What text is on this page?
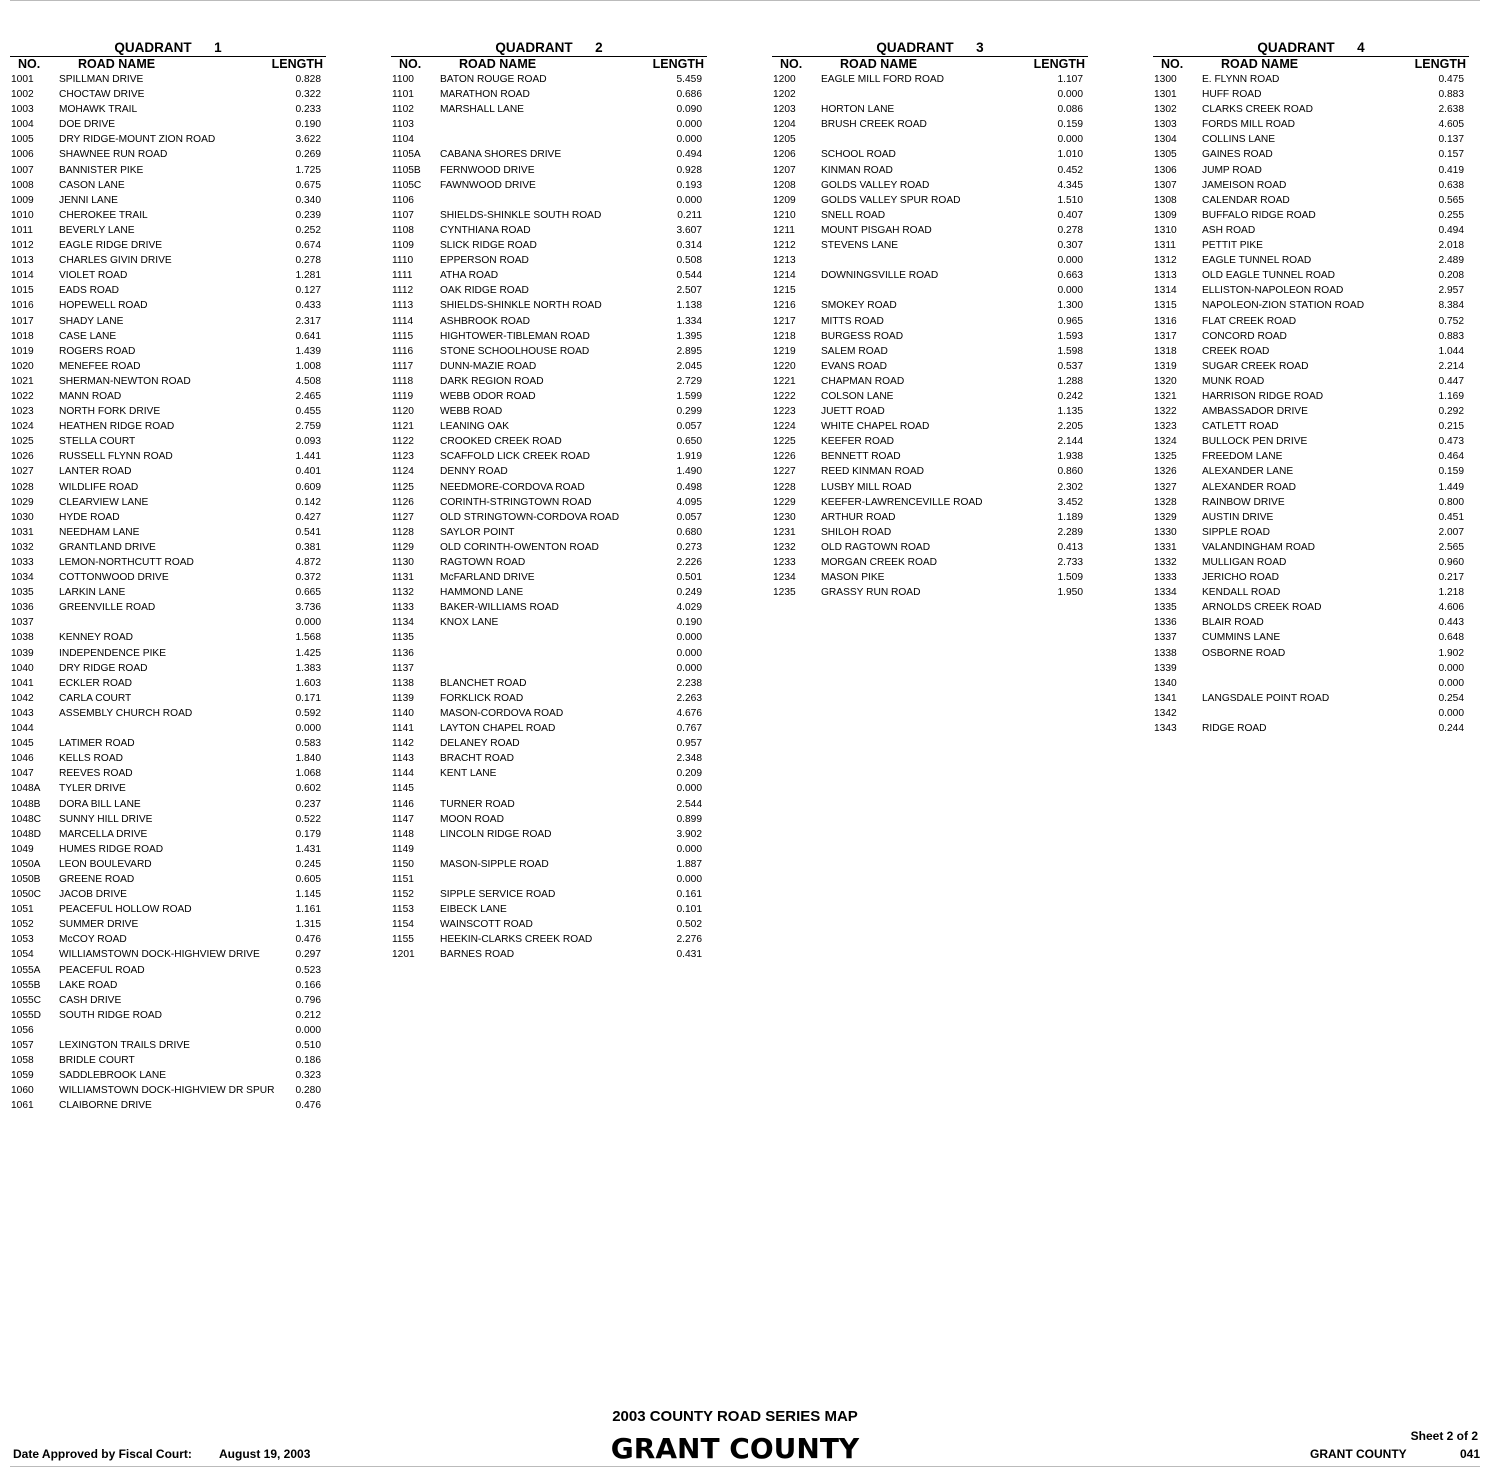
QUADRANT      1
NO.	ROAD NAME	LENGTH
1001 SPILLMAN DRIVE	0.828
1002 CHOCTAW DRIVE	0.322
1003 MOHAWK TRAIL	0.233
1004 DOE DRIVE	0.190
1005 DRY RIDGE-MOUNT ZION ROAD	3.622
1006 SHAWNEE RUN ROAD	0.269
1007 BANNISTER PIKE	1.725
1008 CASON LANE	0.675
1009 JENNI LANE	0.340
1010 CHEROKEE TRAIL	0.239
1011	BEVERLY LANE	0.252
1012 EAGLE RIDGE DRIVE	0.674
1013 CHARLES GIVIN DRIVE	0.278
1014 VIOLET ROAD	1.281
1015 EADS ROAD	0.127
1016 HOPEWELL ROAD	0.433
1017 SHADY LANE	2.317
1018 CASE LANE	0.641
1019 ROGERS ROAD	1.439
1020 MENEFEE ROAD	1.008
1021 SHERMAN-NEWTON ROAD	4.508
1022 MANN ROAD	2.465
1023 NORTH FORK DRIVE	0.455
1024 HEATHEN RIDGE ROAD	2.759
1025 STELLA COURT	0.093
1026 RUSSELL FLYNN ROAD	1.441
1027 LANTER ROAD	0.401
1028 WILDLIFE ROAD	0.609
1029 CLEARVIEW LANE	0.142
1030 HYDE ROAD	0.427
1031 NEEDHAM LANE	0.541
1032 GRANTLAND DRIVE	0.381
1033 LEMON-NORTHCUTT ROAD	4.872
1034 COTTONWOOD DRIVE	0.372
1035 LARKIN LANE	0.665
1036 GREENVILLE ROAD	3.736
1037	0.000
1038 KENNEY ROAD	1.568
1039 INDEPENDENCE PIKE	1.425
1040 DRY RIDGE ROAD	1.383
1041 ECKLER ROAD	1.603
1042 CARLA COURT	0.171
1043 ASSEMBLY CHURCH ROAD	0.592
1044	0.000
1045 LATIMER ROAD	0.583
1046 KELLS ROAD	1.840
1047 REEVES ROAD	1.068
1048A TYLER DRIVE	0.602
1048B DORA BILL LANE	0.237
1048C SUNNY HILL DRIVE	0.522
1048D MARCELLA DRIVE	0.179
1049 HUMES RIDGE ROAD	1.431
1050A LEON BOULEVARD	0.245
1050B GREENE ROAD	0.605
1050C JACOB DRIVE	1.145
1051 PEACEFUL HOLLOW ROAD	1.161
1052 SUMMER DRIVE	1.315
1053 McCOY ROAD	0.476
1054 WILLIAMSTOWN DOCK-HIGHVIEW DRIVE	0.297
1055A PEACEFUL ROAD	0.523
1055B LAKE ROAD	0.166
1055C CASH DRIVE	0.796
1055D SOUTH RIDGE ROAD	0.212
1056	0.000
1057 LEXINGTON TRAILS DRIVE	0.510
1058 BRIDLE COURT	0.186
1059 SADDLEBROOK LANE	0.323
1060 WILLIAMSTOWN DOCK-HIGHVIEW DR SPUR 0.280
1061 CLAIBORNE DRIVE	0.476
QUADRANT      2
NO.	ROAD NAME	LENGTH
1100	BATON ROUGE ROAD	5.459
1101	MARATHON ROAD	0.686
1102	MARSHALL LANE	0.090
1103	0.000
1104	0.000
1105A CABANA SHORES DRIVE	0.494
1105B FERNWOOD DRIVE	0.928
1105C FAWNWOOD DRIVE	0.193
1106	0.000
1107	SHIELDS-SHINKLE SOUTH ROAD	0.211
1108	CYNTHIANA ROAD	3.607
1109	SLICK RIDGE ROAD	0.314
1110	EPPERSON ROAD	0.508
1111	ATHA ROAD	0.544
1112	OAK RIDGE ROAD	2.507
1113	SHIELDS-SHINKLE NORTH ROAD	1.138
1114	ASHBROOK ROAD	1.334
1115	HIGHTOWER-TIBLEMAN ROAD	1.395
1116	STONE SCHOOLHOUSE ROAD	2.895
1117	DUNN-MAZIE ROAD	2.045
1118	DARK REGION ROAD	2.729
1119	WEBB ODOR ROAD	1.599
1120	WEBB ROAD	0.299
1121	LEANING OAK	0.057
1122	CROOKED CREEK ROAD	0.650
1123	SCAFFOLD LICK CREEK ROAD	1.919
1124	DENNY ROAD	1.490
1125	NEEDMORE-CORDOVA ROAD	0.498
1126	CORINTH-STRINGTOWN ROAD	4.095
1127	OLD STRINGTOWN-CORDOVA ROAD	0.057
1128	SAYLOR POINT	0.680
1129	OLD CORINTH-OWENTON ROAD	0.273
1130	RAGTOWN ROAD	2.226
1131	McFARLAND DRIVE	0.501
1132	HAMMOND LANE	0.249
1133	BAKER-WILLIAMS ROAD	4.029
1134	KNOX LANE	0.190
1135	0.000
1136	0.000
1137	0.000
1138	BLANCHET ROAD	2.238
1139	FORKLICK ROAD	2.263
1140	MASON-CORDOVA ROAD	4.676
1141	LAYTON CHAPEL ROAD	0.767
1142	DELANEY ROAD	0.957
1143	BRACHT ROAD	2.348
1144	KENT LANE	0.209
1145	0.000
1146	TURNER ROAD	2.544
1147	MOON ROAD	0.899
1148	LINCOLN RIDGE ROAD	3.902
1149	0.000
1150	MASON-SIPPLE ROAD	1.887
1151	0.000
1152	SIPPLE SERVICE ROAD	0.161
1153	EIBECK LANE	0.101
1154	WAINSCOTT ROAD	0.502
1155	HEEKIN-CLARKS CREEK ROAD	2.276
1201 BARNES ROAD	0.431
QUADRANT      3
NO.	ROAD NAME	LENGTH
1200 EAGLE MILL FORD ROAD	1.107
1202	0.000
1203 HORTON LANE	0.086
1204 BRUSH CREEK ROAD	0.159
1205	0.000
1206 SCHOOL ROAD	1.010
1207 KINMAN ROAD	0.452
1208 GOLDS VALLEY ROAD	4.345
1209 GOLDS VALLEY SPUR ROAD	1.510
1210 SNELL ROAD	0.407
1211	MOUNT PISGAH ROAD	0.278
1212 STEVENS LANE	0.307
1213	0.000
1214 DOWNINGSVILLE ROAD	0.663
1215	0.000
1216 SMOKEY ROAD	1.300
1217 MITTS ROAD	0.965
1218 BURGESS ROAD	1.593
1219 SALEM ROAD	1.598
1220 EVANS ROAD	0.537
1221 CHAPMAN ROAD	1.288
1222 COLSON LANE	0.242
1223 JUETT ROAD	1.135
1224 WHITE CHAPEL ROAD	2.205
1225 KEEFER ROAD	2.144
1226 BENNETT ROAD	1.938
1227 REED KINMAN ROAD	0.860
1228 LUSBY MILL ROAD	2.302
1229 KEEFER-LAWRENCEVILLE ROAD	3.452
1230 ARTHUR ROAD	1.189
1231 SHILOH ROAD	2.289
1232 OLD RAGTOWN ROAD	0.413
1233 MORGAN CREEK ROAD	2.733
1234 MASON PIKE	1.509
1235 GRASSY RUN ROAD	1.950
QUADRANT      4
NO.	ROAD NAME	LENGTH
1300 E. FLYNN ROAD	0.475
1301 HUFF ROAD	0.883
1302 CLARKS CREEK ROAD	2.638
1303 FORDS MILL ROAD	4.605
1304 COLLINS LANE	0.137
1305 GAINES ROAD	0.157
1306 JUMP ROAD	0.419
1307 JAMEISON ROAD	0.638
1308 CALENDAR ROAD	0.565
1309 BUFFALO RIDGE ROAD	0.255
1310 ASH ROAD	0.494
1311	PETTIT PIKE	2.018
1312 EAGLE TUNNEL ROAD	2.489
1313 OLD EAGLE TUNNEL ROAD	0.208
1314 ELLISTON-NAPOLEON ROAD	2.957
1315 NAPOLEON-ZION STATION ROAD	8.384
1316 FLAT CREEK ROAD	0.752
1317 CONCORD ROAD	0.883
1318 CREEK ROAD	1.044
1319 SUGAR CREEK ROAD	2.214
1320 MUNK ROAD	0.447
1321 HARRISON RIDGE ROAD	1.169
1322 AMBASSADOR DRIVE	0.292
1323 CATLETT ROAD	0.215
1324 BULLOCK PEN DRIVE	0.473
1325 FREEDOM LANE	0.464
1326 ALEXANDER LANE	0.159
1327 ALEXANDER ROAD	1.449
1328 RAINBOW DRIVE	0.800
1329 AUSTIN DRIVE	0.451
1330 SIPPLE ROAD	2.007
1331 VALANDINGHAM ROAD	2.565
1332 MULLIGAN ROAD	0.960
1333 JERICHO ROAD	0.217
1334 KENDALL ROAD	1.218
1335 ARNOLDS CREEK ROAD	4.606
1336 BLAIR ROAD	0.443
1337 CUMMINS LANE	0.648
1338 OSBORNE ROAD	1.902
1339	0.000
1340	0.000
1341 LANGSDALE POINT ROAD	0.254
1342	0.000
1343 RIDGE ROAD	0.244
2003 COUNTY ROAD SERIES MAP
GRANT COUNTY
Date Approved by Fiscal Court: August 19, 2003
Sheet 2 of 2
GRANT COUNTY	041
